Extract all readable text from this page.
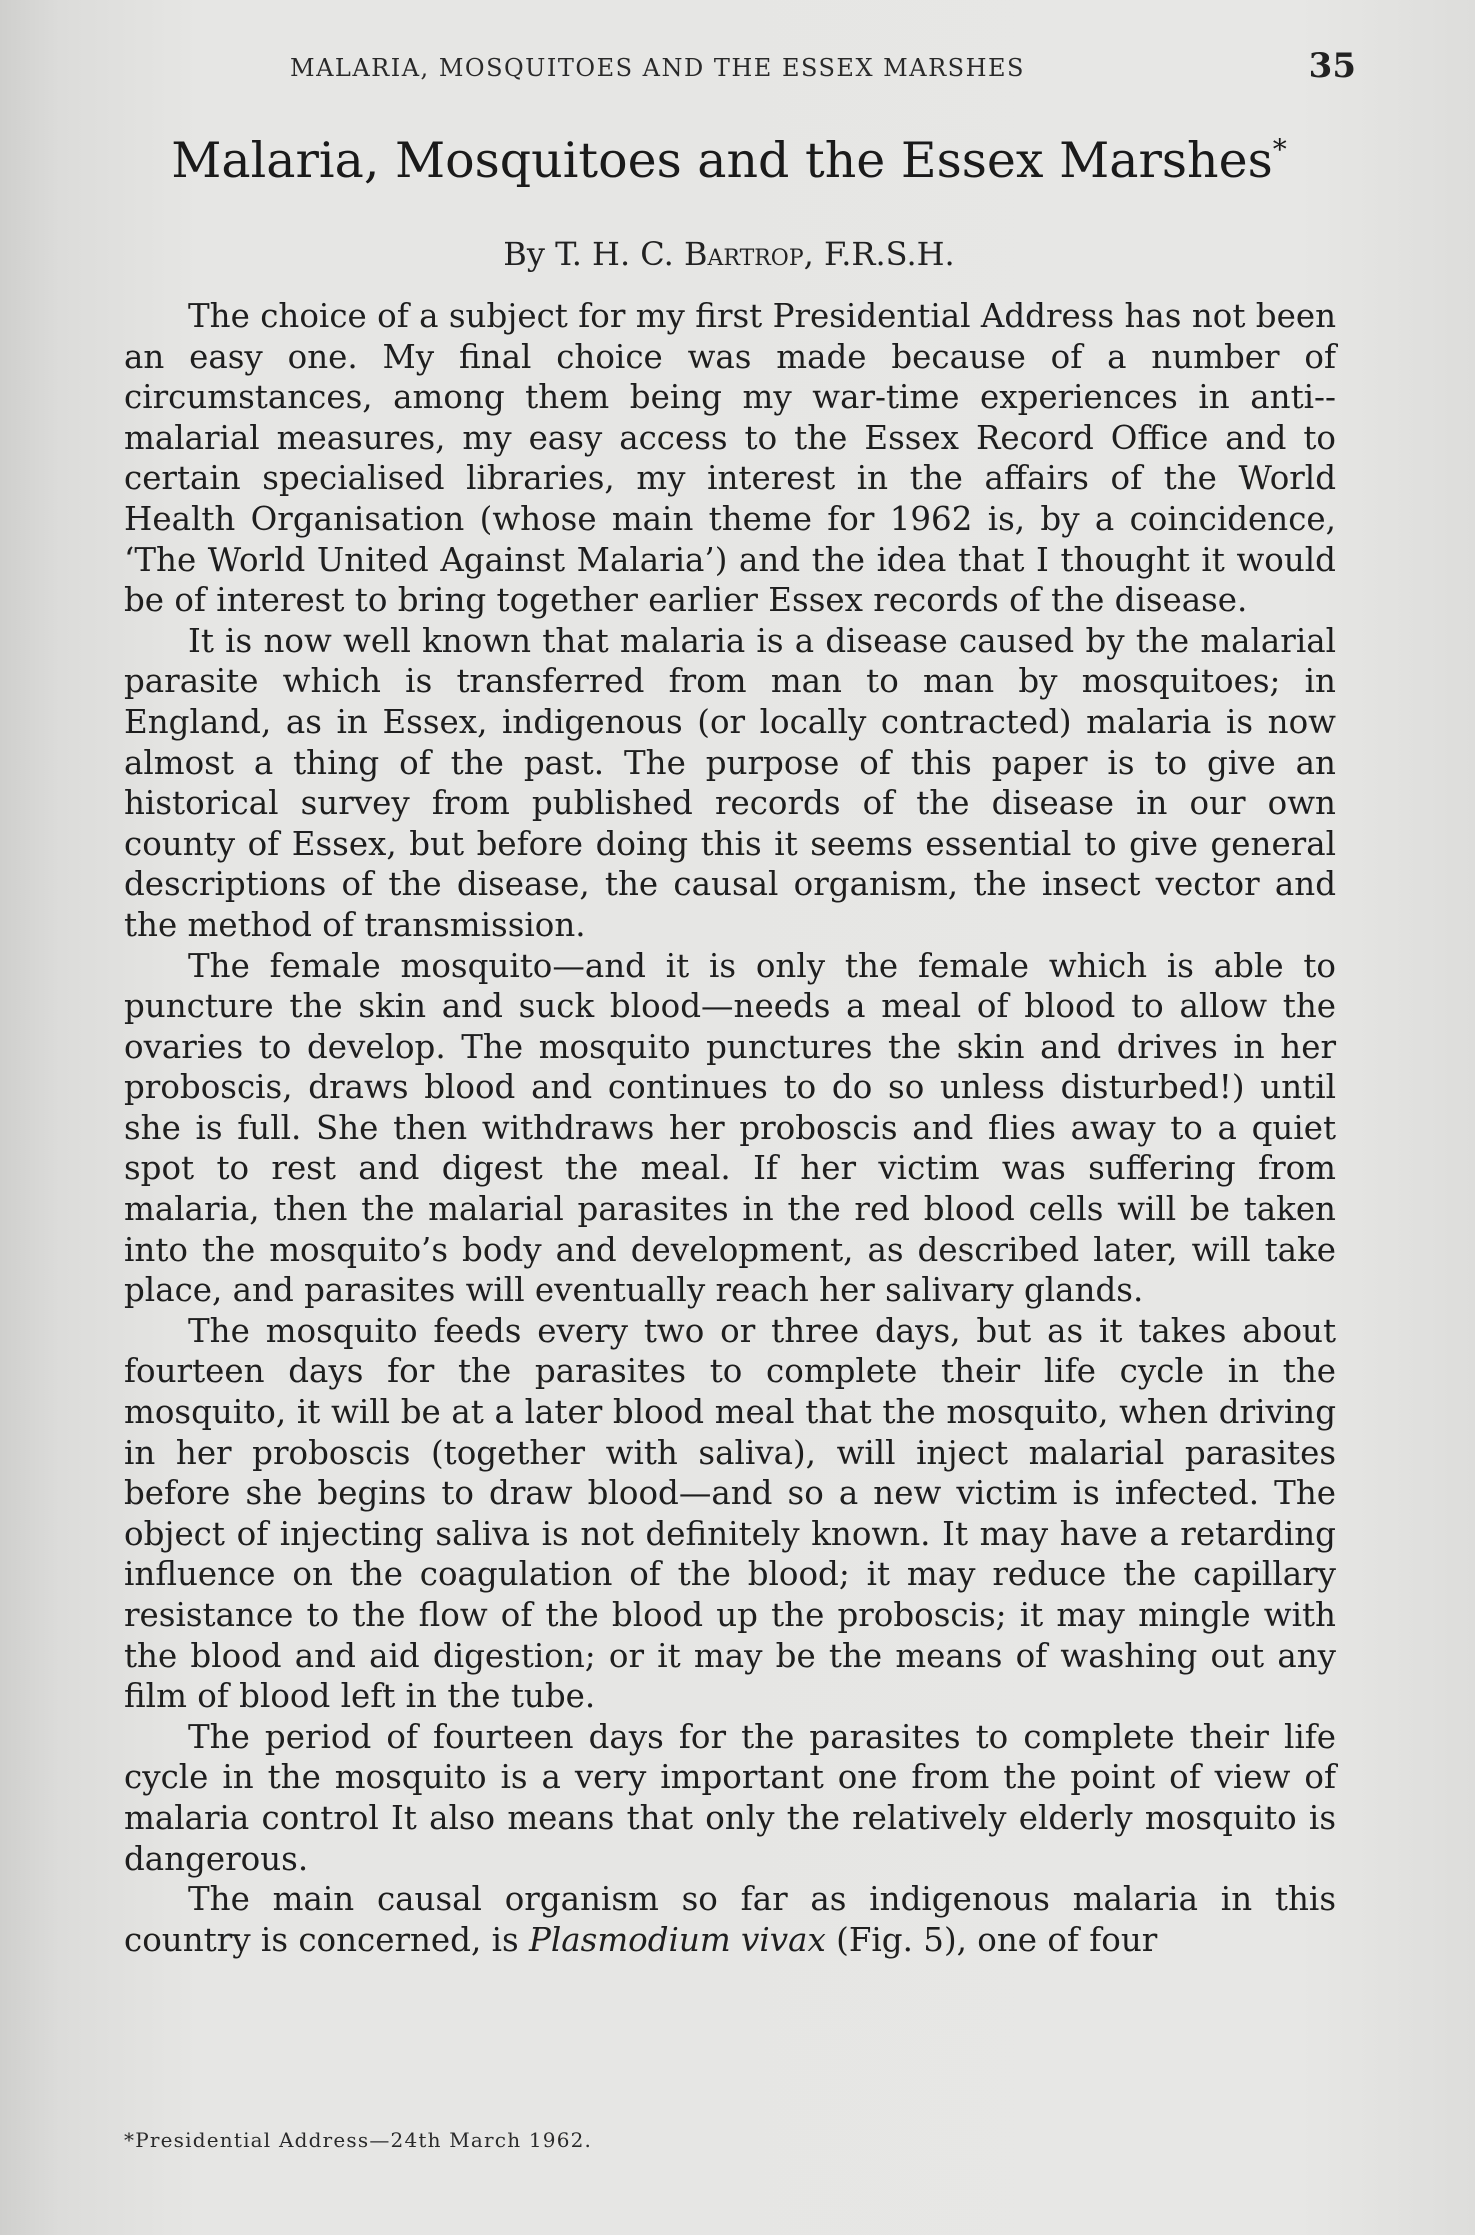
MALARIA, MOSQUITOES AND THE ESSEX MARSHES	35
Malaria, Mosquitoes and the Essex Marshes*
By T. H. C. Bartrop, F.R.S.H.

The choice of a subject for my first Presidential Address has not been an easy one. My final choice was made because of a number of circumstances, among them being my war-time experiences in anti--malarial measures, my easy access to the Essex Record Office and to certain specialised libraries, my interest in the affairs of the World Health Organisation (whose main theme for 1962 is, by a coincidence, ‘The World United Against Malaria’) and the idea that I thought it would be of interest to bring together earlier Essex records of the disease.

It is now well known that malaria is a disease caused by the malarial parasite which is transferred from man to man by mosquitoes; in England, as in Essex, indigenous (or locally contracted) malaria is now almost a thing of the past. The purpose of this paper is to give an historical survey from published records of the disease in our own county of Essex, but before doing this it seems essential to give general descriptions of the disease, the causal organism, the insect vector and the method of transmission.

The female mosquito—and it is only the female which is able to puncture the skin and suck blood—needs a meal of blood to allow the ovaries to develop. The mosquito punctures the skin and drives in her proboscis, draws blood and continues to do so unless disturbed!) until she is full. She then withdraws her proboscis and flies away to a quiet spot to rest and digest the meal. If her victim was suffering from malaria, then the malarial parasites in the red blood cells will be taken into the mosquito’s body and development, as described later, will take place, and parasites will eventually reach her salivary glands.

The mosquito feeds every two or three days, but as it takes about fourteen days for the parasites to complete their life cycle in the mosquito, it will be at a later blood meal that the mosquito, when driving in her proboscis (together with saliva), will inject malarial parasites before she begins to draw blood—and so a new victim is infected. The object of injecting saliva is not definitely known. It may have a retarding influence on the coagulation of the blood; it may reduce the capillary resistance to the flow of the blood up the proboscis; it may mingle with the blood and aid digestion; or it may be the means of washing out any film of blood left in the tube.

The period of fourteen days for the parasites to complete their life cycle in the mosquito is a very important one from the point of view of malaria control It also means that only the relatively elderly mosquito is dangerous.

The main causal organism so far as indigenous malaria in this country is concerned, is Plasmodium vivax (Fig. 5), one of four

*Presidential Address—24th March 1962.
